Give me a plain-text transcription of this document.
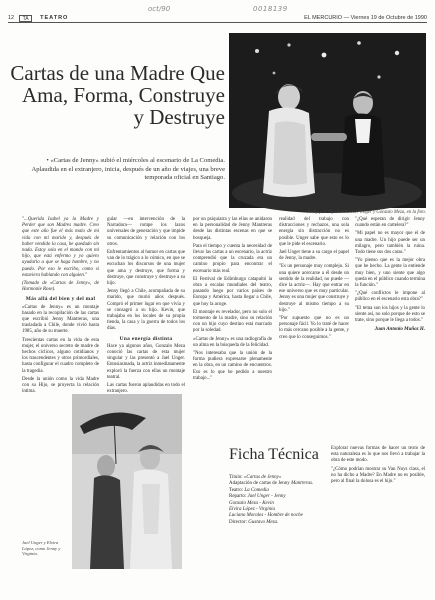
oct/90	0018139
12	TA	TEATRO	EL MERCURIO — Viernes 19 de Octubre de 1990
Cartas de una Madre Que Ama, Forma, Construye y Destruye

• «Cartas de Jenny» subió el miércoles al escenario de La Comedia. Aplaudida en el extranjero, inicia, después de un año de viajes, una breve temporada oficial en Santiago.

Jenny y su hijo Kevin. Jael Unger y Gonzalo Meza, en la foto.

"...Querida Isabel ya la Madre y Perder que son Madres madre. Creo que este año fue el más malo de mi vida con mi marido y, después de haber vendido la casa, he quedado sin nada. Estoy sola en el mundo con mi hijo, que está enfermo y yo quiero ayudarlo a que se haga hombre, y no puedo. Por eso le escribo, como si estuviera hablando con alguien."

(Tomado de «Cartas de Jenny», de Harmonie Rose).

Más allá del bien y del mal

«Cartas de Jenny» es un montaje basado en la recopilación de las cartas que escribió Jenny Mantreras, una trasladada a Chile, donde vivió hasta 1985, año de su muerte.

Trescientas cartas en la vida de esta mujer, el universo secreto de madre de hechos ciclicos, alguno cotidianos y los trascendentes y otros primordiales, hasta configurar el cuadro completo de la tragedia.

Desde la unión como la vida Madre con su Hijo, se proyecta la relación intima.

gular —en intervención de la Narradora— rompe los lazos universales de generación y que impide su comunicación y relación con los otros.

Enfrentamientos al humor en cartas que van de lo trágico a lo cómico, en que se escuchan los discursos de una mujer que ama y destruye, que forma y destruye, que construye y destruye a su hijo.

Jenny llegó a Chile, acompañada de su marido, que murió años después. Compró el primer lugar en que vivía y se consagró a su hijo. Kevin, que trabajaba en los locales de su propia tienda, la casa y la guerra de todos los días.

Una energía distinta

Hace ya algunos años, Gonzalo Meza conoció las cartas de esta mujer singular y las presentó a Jael Unger. Entusiasmada, la actriz inmediatamente exploró la fuerza con ellas un montaje teatral.

Las cartas fueron aplaudidas en todo el extranjero.

por un psiquiatra y las ellas se anidaron en la personalidad de Jenny Mantreras desde las distintas escenas en que se bosqueja.

Para el tiempo y cuenta la necesidad de llevar las cartas a un escenario, la actriz comprendió que la cruzada era un camino propio para encontrar el escenario más real.

El Festival de Edimburgo catapultó la obra a escalas mundiales del teatro, pasando luego por varios países de Europa y América, hasta llegar a Chile, que hoy la acoge.

El montaje es revelador, pero no solo el tormento de la madre, sino su relación con un hijo cuyo destino está marcado por la soledad.

«Cartas de Jenny» es una radiografía de un alma en la búsqueda de la felicidad.

"Nos interesaba que la unión de la forma pudiera expresarse plenamente en la obra, en un camino de encuentros. Eso es lo que he pedido a nuestro trabajo..."

realidad del trabajo con distracciones y rechazos, una sola energía sin distracción no es posible. Unger sabe que esto es lo que le pide el escenario.

Jael Unger tiene a su cargo el papel de Jenny, la madre.

"Es un personaje muy complejo. Si una quiere acercarse a él desde un sentido de la realidad, no puede —dice la actriz—. Hay que entrar en ese universo que es muy particular. Jenny es una mujer que construye y destruye al mismo tiempo a su hijo."

"Por supuesto que no es un personaje fácil. Yo lo traté de hacer lo más cercano posible a la gente, y creo que lo conseguimos."

"¿Qué esperan de dirigir Jenny cuando están en cartelera?"

"Mi papel no es mayor que el de una madre. Un hijo puede ser un milagro, pero también la ruina. Todo tiene sus dos caras."

"Yo pienso que es la mejor obra que he hecho. La gente la entiende muy bien, y uno siente que algo queda en el público cuando termina la función."

"¿Qué conflictos le impone al público en el escenario esta obra?"

"El tema son los hijos y la gente lo siente así, no solo porque de esto se trate, sino porque le llega a todos."

Juan Antonio Muñoz H.

Jael Unger y Elvira López, como Jenny y Virginia.

Ficha Técnica
Título: «Cartas de Jenny»
Adaptación de cartas de Jenny Mantreras.
Teatro: La Comedia
Reparto: Jael Unger - Jenny
Gonzalo Meza - Kevin
Elvira López - Virginia
Luciano Morales - Hombre de noche
Director: Gustavo Meza.

Explorar nuevas formas de hacer un texto de esta naturaleza es lo que nos llevó a trabajar la obra de este modo.

"¿Cómo podrían mostrar su Van Nuys class, el no ha dicho a Madre? En Madre no es posible, pero al final la dolosa es el hijo."
